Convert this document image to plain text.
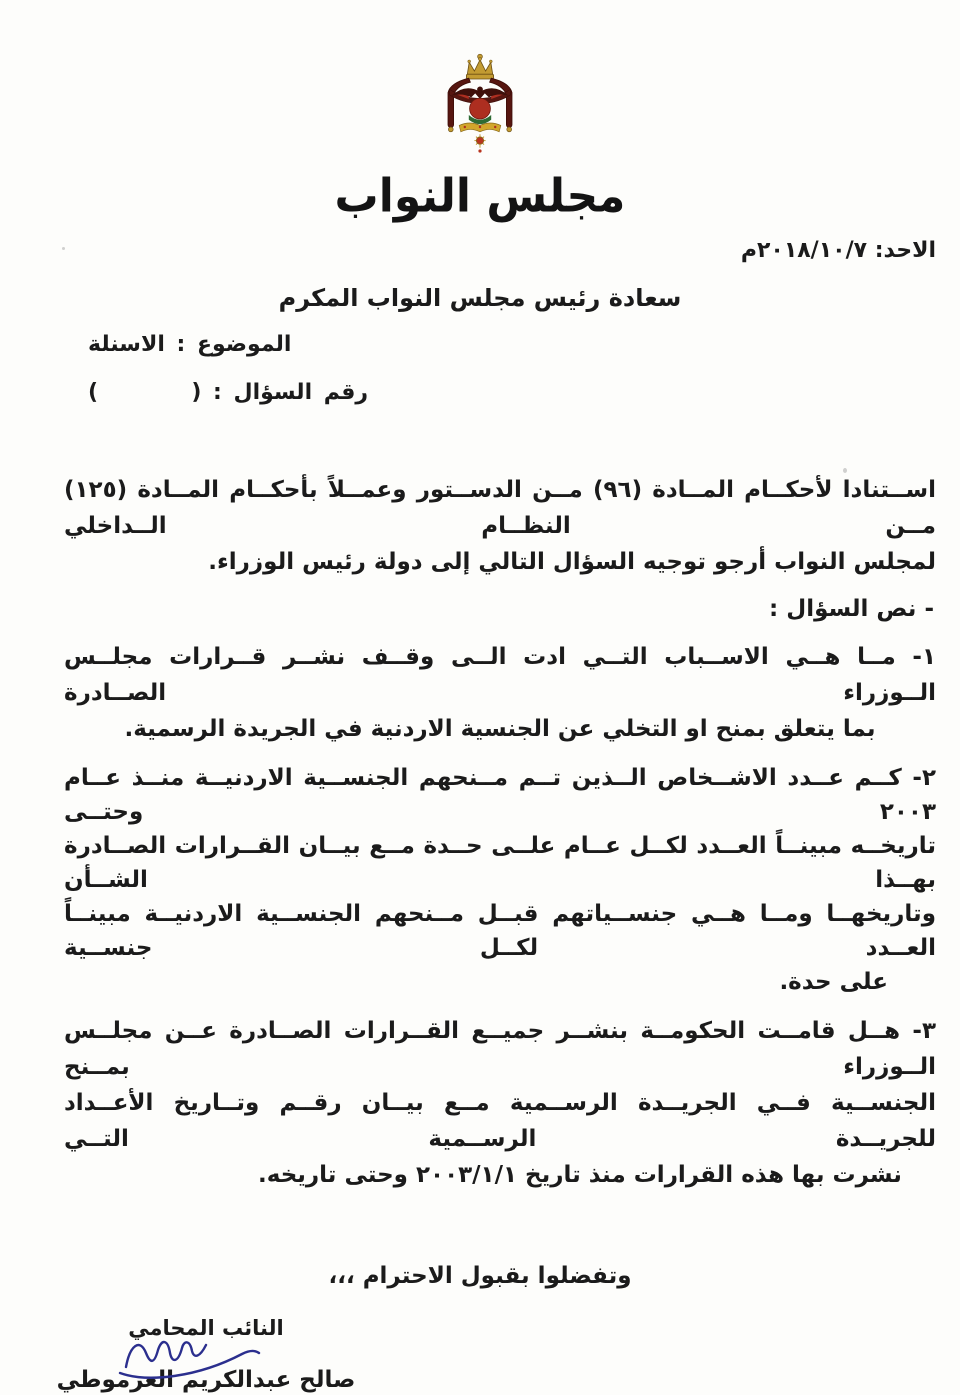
مجلس النواب
الاحد: ٢٠١٨/١٠/٧م
سعادة رئيس مجلس النواب المكرم
الموضوع : الاسنلة
رقم السؤال : (        )
اســتنادا لأحكــام المــادة (٩٦) مــن الدســتور وعمــلاً بأحكــام المــادة (١٢٥) مــن النظــام الــداخلي
لمجلس النواب أرجو توجيه السؤال التالي إلى دولة رئيس الوزراء.
- نص السؤال :
١- مــا هــي الاســباب التــي ادت الــى وقــف نشــر قــرارات مجلــس الــوزراء الصــادرة
بما يتعلق بمنح او التخلي عن الجنسية الاردنية في الجريدة الرسمية.
٢- كــم عــدد الاشــخاص الــذين تــم مــنحهم الجنســية الاردنيــة منــذ عــام ٢٠٠٣ وحتــى
تاريخــه مبينــاً العــدد لكــل عــام علــى حــدة مــع بيــان القــرارات الصــادرة بهــذا الشــأن
وتاريخهــا ومــا هــي جنســياتهم قبــل مــنحهم الجنســية الاردنيــة مبينــاً العــدد لكــل جنســية
على حدة.
٣- هــل قامــت الحكومــة بنشــر جميــع القــرارات الصــادرة عــن مجلــس الــوزراء بمــنح
الجنســية فــي الجريــدة الرســمية مــع بيــان رقــم وتــاريخ الأعــداد للجريــدة الرســمية التــي
نشرت بها هذه القرارات منذ تاريخ ٢٠٠٣/١/١ وحتى تاريخه.
وتفضلوا بقبول الاحترام ،،،
النائب المحامي
صالح عبدالكريم العرموطي
